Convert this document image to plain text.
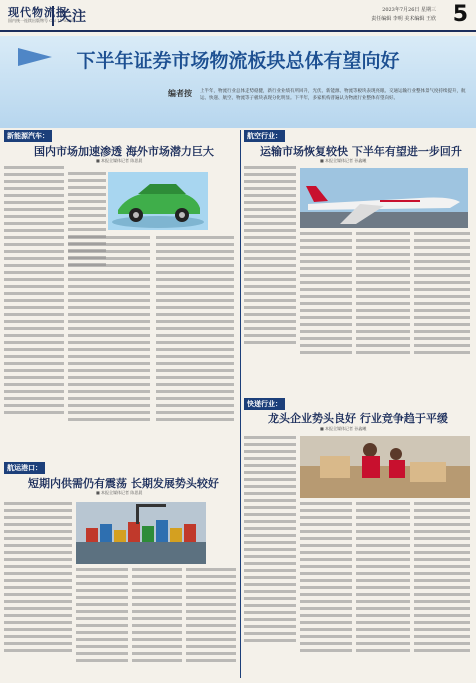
现代物流报
国内统一连续出版物号 CN 11-0257
关注	2023年7月26日 星期三
责任编辑 李明 美术编辑 王欣 5
下半年证券市场物流板块总体有望向好
编者按	上半年，物流行业总体走势稳健，新行业业绩有所回升，光伏、新能源、物流等板块表现亮眼。交通运输行业整体景气度持续提升，航运、快递、航空、物流等子板块表现分化明显。下半年，多家机构普遍认为物流行业整体有望向好。
新能源汽车：
国内市场加速渗透 海外市场潜力巨大
■ 本报全媒体记者 陈思晨
航空行业：
运输市场恢复较快 下半年有望进一步回升
■ 本报全媒体记者 孙鑫曦
快递行业：
龙头企业势头良好 行业竞争趋于平缓
■ 本报全媒体记者 孙鑫曦
航运港口：
短期内供需仍有震荡 长期发展势头较好
■ 本报全媒体记者 陈思晨
